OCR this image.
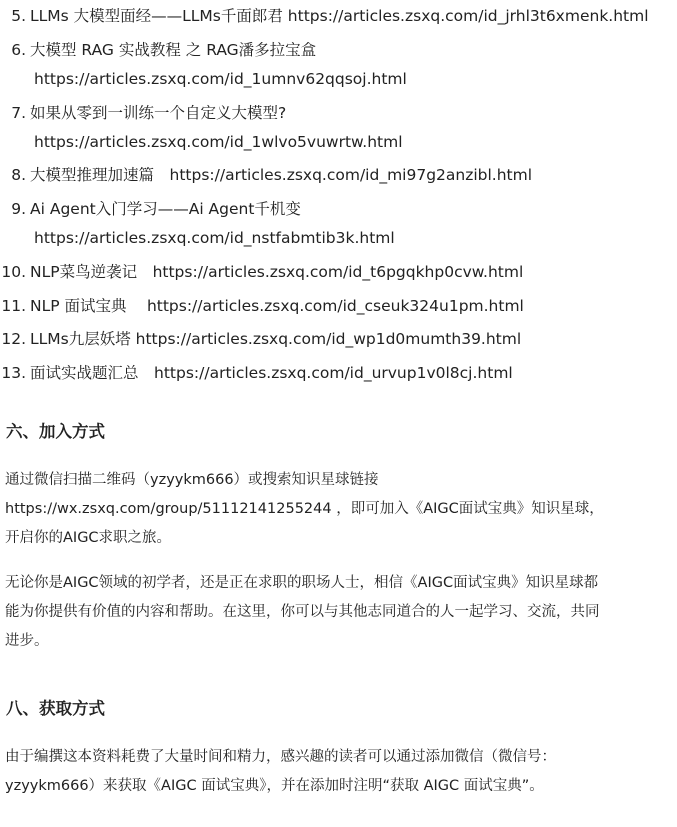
5. LLMs 大模型面经——LLMs千面郎君 https://articles.zsxq.com/id_jrhl3t6xmenk.html
6. 大模型 RAG 实战教程 之 RAG潘多拉宝盒
https://articles.zsxq.com/id_1umnv62qqsoj.html
7. 如果从零到一训练一个自定义大模型?
https://articles.zsxq.com/id_1wlvo5vuwrtw.html
8. 大模型推理加速篇　https://articles.zsxq.com/id_mi97g2anzibl.html
9. Ai Agent入门学习——Ai Agent千机变
https://articles.zsxq.com/id_nstfabmtib3k.html
10. NLP菜鸟逆袭记　https://articles.zsxq.com/id_t6pgqkhp0cvw.html
11. NLP 面试宝典　 https://articles.zsxq.com/id_cseuk324u1pm.html
12. LLMs九层妖塔 https://articles.zsxq.com/id_wp1d0mumth39.html
13. 面试实战题汇总　https://articles.zsxq.com/id_urvup1v0l8cj.html
六、加入方式
通过微信扫描二维码（yzyykm666）或搜索知识星球链接
https://wx.zsxq.com/group/51112141255244 ，即可加入《AIGC面试宝典》知识星球，
开启你的AIGC求职之旅。
无论你是AIGC领域的初学者，还是正在求职的职场人士，相信《AIGC面试宝典》知识星球都
能为你提供有价值的内容和帮助。在这里，你可以与其他志同道合的人一起学习、交流，共同
进步。
八、获取方式
由于编撰这本资料耗费了大量时间和精力，感兴趣的读者可以通过添加微信（微信号：
yzyykm666）来获取《AIGC 面试宝典》，并在添加时注明“获取 AIGC 面试宝典”。
